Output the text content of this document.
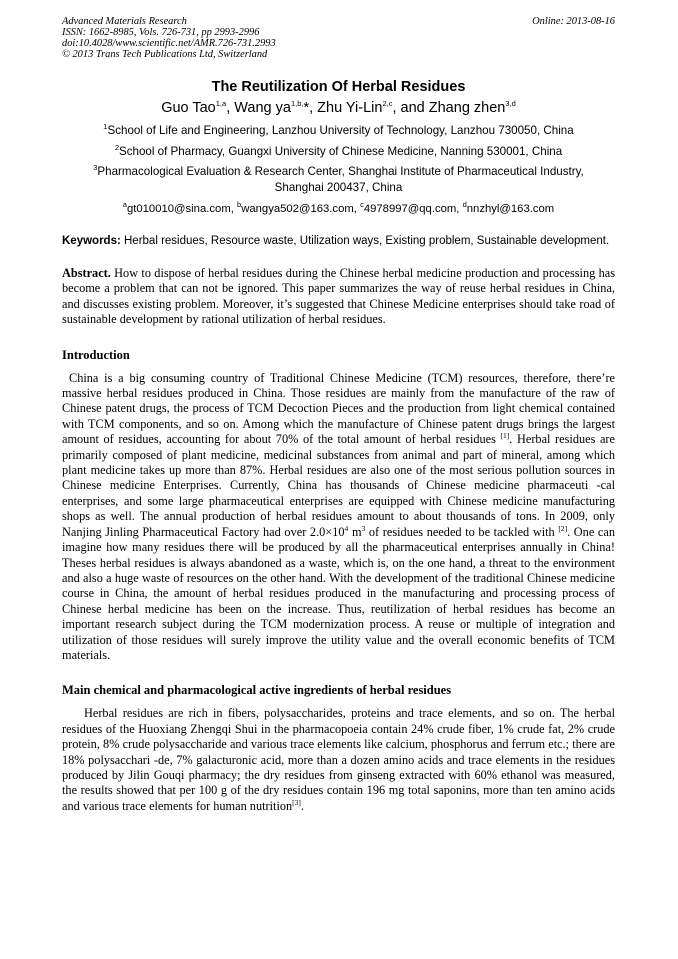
Advanced Materials Research	Online: 2013-08-16
ISSN: 1662-8985, Vols. 726-731, pp 2993-2996
doi:10.4028/www.scientific.net/AMR.726-731.2993
© 2013 Trans Tech Publications Ltd, Switzerland
The Reutilization Of Herbal Residues
Guo Tao$^{1,a}$, Wang $ya^{1,b,}*$, Zhu Yi-Lin$^{2,c}$, and Zhang zhen$^{3,d}$
$^1$School of Life and Engineering, Lanzhou University of Technology, Lanzhou 730050, China
$^2$School of Pharmacy, Guangxi University of Chinese Medicine, Nanning 530001, China
$^3$Pharmacological Evaluation & Research Center, Shanghai Institute of Pharmaceutical Industry, Shanghai 200437, China
$^a$gt010010@sina.com, $^b$wangya502@163.com, $^c$4978997@qq.com, $^d$nnzhyl@163.com
Keywords: Herbal residues, Resource waste, Utilization ways, Existing problem, Sustainable development.
Abstract. How to dispose of herbal residues during the Chinese herbal medicine production and processing has become a problem that can not be ignored. This paper summarizes the way of reuse herbal residues in China, and discusses existing problem. Moreover, it’s suggested that Chinese Medicine enterprises should take road of sustainable development by rational utilization of herbal residues.
Introduction

China is a big consuming country of Traditional Chinese Medicine (TCM) resources, therefore, there’re massive herbal residues produced in China. Those residues are mainly from the manufacture of the raw of Chinese patent drugs, the process of TCM Decoction Pieces and the production from light chemical contained with TCM components, and so on. Among which the manufacture of Chinese patent drugs brings the largest amount of residues, accounting for about 70% of the total amount of herbal residues [1]. Herbal residues are primarily composed of plant medicine, medicinal substances from animal and part of mineral, among which plant medicine takes up more than 87%. Herbal residues are also one of the most serious pollution sources in Chinese medicine Enterprises. Currently, China has thousands of Chinese medicine pharmaceuti -cal enterprises, and some large pharmaceutical enterprises are equipped with Chinese medicine manufacturing shops as well. The annual production of herbal residues amount to about thousands of tons. In 2009, only Nanjing Jinling Pharmaceutical Factory had over 2.0×10$^4$ m$^3$ of residues needed to be tackled with [2]. One can imagine how many residues there will be produced by all the pharmaceutical enterprises annually in China! Theses herbal residues is always abandoned as a waste, which is, on the one hand, a threat to the environment and also a huge waste of resources on the other hand. With the development of the traditional Chinese medicine course in China, the amount of herbal residues produced in the manufacturing and processing process of Chinese herbal medicine has been on the increase. Thus, reutilization of herbal residues has become an important research subject during the TCM modernization process. A reuse or multiple of integration and utilization of those residues will surely improve the utility value and the overall economic benefits of TCM materials.

Main chemical and pharmacological active ingredients of herbal residues

Herbal residues are rich in fibers, polysaccharides, proteins and trace elements, and so on. The herbal residues of the Huoxiang Zhengqi Shui in the pharmacopoeia contain 24% crude fiber, 1% crude fat, 2% crude protein, 8% crude polysaccharide and various trace elements like calcium, phosphorus and ferrum etc.; there are 18% polysacchari -de, 7% galacturonic acid, more than a dozen amino acids and trace elements in the residues produced by Jilin Gouqi pharmacy; the dry residues from ginseng extracted with 60% ethanol was measured, the results showed that per 100 g of the dry residues contain 196 mg total saponins, more than ten amino acids and various trace elements for human nutrition[3].
